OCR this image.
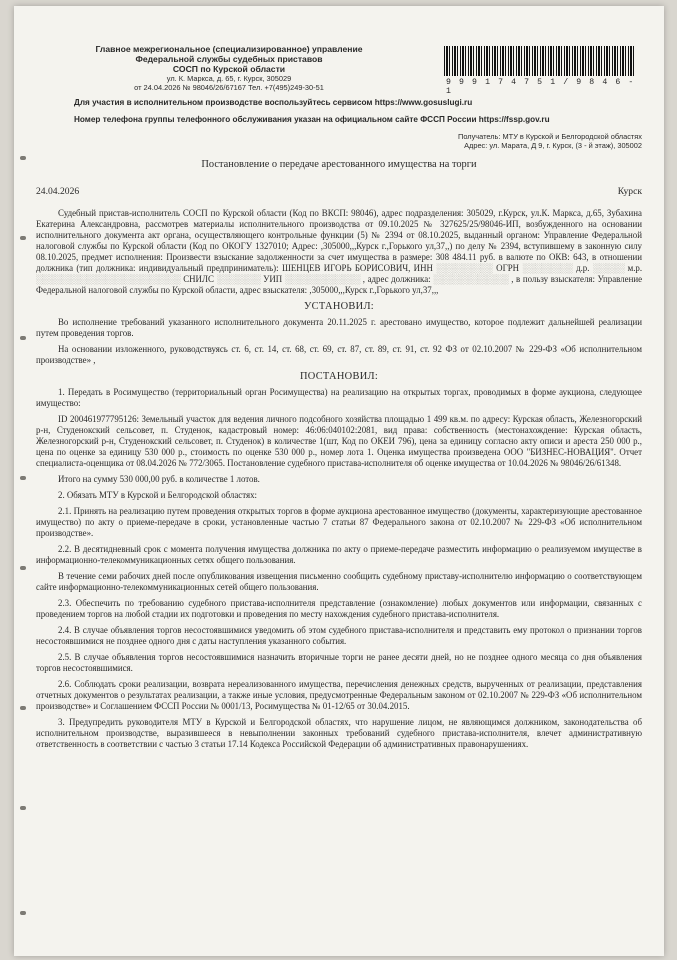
Главное межрегиональное (специализированное) управление
Федеральной службы судебных приставов
СОСП по Курской области
ул. К. Маркса, д. 65, г. Курск, 305029
от 24.04.2026 № 98046/26/67167 Тел. +7(495)249-30-51
9 9 9 1 7 4 7 5 1 / 9 8 4 6 - 1
Для участия в исполнительном производстве воспользуйтесь сервисом https://www.gosuslugi.ru
Номер телефона группы телефонного обслуживания указан на официальном сайте ФССП России https://fssp.gov.ru
Получатель: МТУ в Курской и Белгородской областях
Адрес: ул. Марата, Д 9, г. Курск, (3 - й этаж), 305002
Постановление о передаче арестованного имущества на торги
24.04.2026	Курск

Судебный пристав-исполнитель СОСП по Курской области (Код по ВКСП: 98046), адрес подразделения: 305029, г.Курск, ул.К. Маркса, д.65, Зубахина Екатерина Александровна, рассмотрев материалы исполнительного производства от 09.10.2025 № 327625/25/98046-ИП, возбужденного на основании исполнительного документа акт органа, осуществляющего контрольные функции (5) № 2394 от 08.10.2025, выданный органом: Управление Федеральной налоговой службы по Курской области (Код по ОКОГУ 1327010; Адрес: ,305000,,,Курск г.,Горького ул,37,,) по делу № 2394, вступившему в законную силу 08.10.2025, предмет исполнения: Произвести взыскание задолженности за счет имущества в размере: 308 484.11 руб. в валюте по ОКВ: 643, в отношении должника (тип должника: индивидуальный предприниматель): ШЕНЦЕВ ИГОРЬ БОРИСОВИЧ, ИНН ░░░░░░░░░ ОГРН ░░░░░░░░ д.р. ░░░░░ м.р. ░░░░░░░░░░░░░░░░░░░░░░░ СНИЛС ░░░░░░░ УИП ░░░░░░░░░░░░ , адрес должника: ░░░░░░░░░░░░ , в пользу взыскателя: Управление Федеральной налоговой службы по Курской области, адрес взыскателя: ,305000,,,Курск г.,Горького ул,37,,,

УСТАНОВИЛ:

Во исполнение требований указанного исполнительного документа 20.11.2025 г. арестовано имущество, которое подлежит дальнейшей реализации путем проведения торгов.

На основании изложенного, руководствуясь ст. 6, ст. 14, ст. 68, ст. 69, ст. 87, ст. 89, ст. 91, ст. 92 ФЗ от 02.10.2007 № 229-ФЗ «Об исполнительном производстве» ,

ПОСТАНОВИЛ:

1. Передать в Росимущество (территориальный орган Росимущества) на реализацию на открытых торгах, проводимых в форме аукциона, следующее имущество:

ID 200461977795126: Земельный участок для ведения личного подсобного хозяйства площадью 1 499 кв.м. по адресу: Курская область, Железногорский р-н, Студенокский сельсовет, п. Студенок, кадастровый номер: 46:06:040102:2081, вид права: собственность (местонахождение: Курская область, Железногорский р-н, Студенокский сельсовет, п. Студенок) в количестве 1(шт, Код по ОКЕИ 796), цена за единицу согласно акту описи и ареста 250 000 р., цена по оценке за единицу 530 000 р., стоимость по оценке 530 000 р., номер лота 1. Оценка имущества произведена ООО "БИЗНЕС-НОВАЦИЯ". Отчет специалиста-оценщика от 08.04.2026 № 772/3065. Постановление судебного пристава-исполнителя об оценке имущества от 10.04.2026 № 98046/26/61348.

Итого на сумму 530 000,00 руб. в количестве 1 лотов.

2. Обязать МТУ в Курской и Белгородской областях:

2.1. Принять на реализацию путем проведения открытых торгов в форме аукциона арестованное имущество (документы, характеризующие арестованное имущество) по акту о приеме-передаче в сроки, установленные частью 7 статьи 87 Федерального закона от 02.10.2007 № 229-ФЗ «Об исполнительном производстве».

2.2. В десятидневный срок с момента получения имущества должника по акту о приеме-передаче разместить информацию о реализуемом имуществе в информационно-телекоммуникационных сетях общего пользования.

В течение семи рабочих дней после опубликования извещения письменно сообщить судебному приставу-исполнителю информацию о соответствующем сайте информационно-телекоммуникационных сетей общего пользования.

2.3. Обеспечить по требованию судебного пристава-исполнителя представление (ознакомление) любых документов или информации, связанных с проведением торгов на любой стадии их подготовки и проведения по месту нахождения судебного пристава-исполнителя.

2.4. В случае объявления торгов несостоявшимися уведомить об этом судебного пристава-исполнителя и представить ему протокол о признании торгов несостоявшимися не позднее одного дня с даты наступления указанного события.

2.5. В случае объявления торгов несостоявшимися назначить вторичные торги не ранее десяти дней, но не позднее одного месяца со дня объявления торгов несостоявшимися.

2.6. Соблюдать сроки реализации, возврата нереализованного имущества, перечисления денежных средств, вырученных от реализации, представления отчетных документов о результатах реализации, а также иные условия, предусмотренные Федеральным законом от 02.10.2007 № 229-ФЗ «Об исполнительном производстве» и Соглашением ФССП России № 0001/13, Росимущества № 01-12/65 от 30.04.2015.

3. Предупредить руководителя МТУ в Курской и Белгородской областях, что нарушение лицом, не являющимся должником, законодательства об исполнительном производстве, выразившееся в невыполнении законных требований судебного пристава-исполнителя, влечет административную ответственность в соответствии с частью 3 статьи 17.14 Кодекса Российской Федерации об административных правонарушениях.
